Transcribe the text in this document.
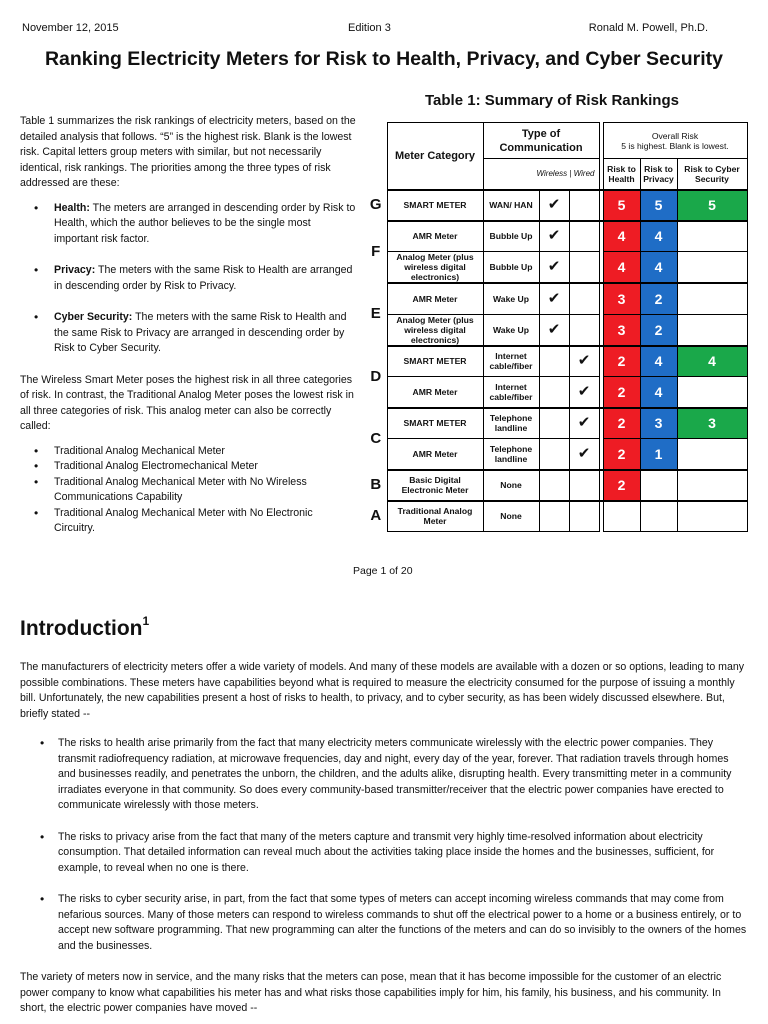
November 12, 2015	Edition 3	Ronald M. Powell, Ph.D.
Ranking Electricity Meters for Risk to Health, Privacy, and Cyber Security

Table 1 summarizes the risk rankings of electricity meters, based on the detailed analysis that follows. “5” is the highest risk. Blank is the lowest risk. Capital letters group meters with similar, but not necessarily identical, risk rankings. The priorities among the three types of risk addressed are these:

• Health: The meters are arranged in descending order by Risk to Health, which the author believes to be the single most important risk factor.
• Privacy: The meters with the same Risk to Health are arranged in descending order by Risk to Privacy.
• Cyber Security: The meters with the same Risk to Health and the same Risk to Privacy are arranged in descending order by Risk to Cyber Security.

The Wireless Smart Meter poses the highest risk in all three categories of risk. In contrast, the Traditional Analog Meter poses the lowest risk in all three categories of risk. This analog meter can also be correctly called:

• Traditional Analog Mechanical Meter
• Traditional Analog Electromechanical Meter
• Traditional Analog Mechanical Meter with No Wireless Communications Capability
• Traditional Analog Mechanical Meter with No Electronic Circuitry.
Table 1: Summary of Risk Rankings
	Meter Category	Type of Communication				Overall Risk
5 is highest. Blank is lowest.		

		Wireless | Wired				Risk to Health	Risk to Privacy	Risk to Cyber Security
G	SMART METER	WAN/ HAN	✔			5	5	5
F	AMR Meter	Bubble Up	✔			4	4	
	Analog Meter (plus wireless digital electronics)	Bubble Up	✔			4	4	
E	AMR Meter	Wake Up	✔			3	2	
	Analog Meter (plus wireless digital electronics)	Wake Up	✔			3	2	
D	SMART METER	Internet cable/fiber		✔		2	4	4
	AMR Meter	Internet cable/fiber		✔		2	4	
C	SMART METER	Telephone landline		✔		2	3	3
	AMR Meter	Telephone landline		✔		2	1	
B	Basic Digital Electronic Meter	None				2		
A	Traditional Analog Meter	None						
Page 1 of 20
Introduction$^1$

The manufacturers of electricity meters offer a wide variety of models. And many of these models are available with a dozen or so options, leading to many possible combinations. These meters have capabilities beyond what is required to measure the electricity consumed for the purpose of issuing a monthly bill. Unfortunately, the new capabilities present a host of risks to health, to privacy, and to cyber security, as has been widely discussed elsewhere. But, briefly stated --

• The risks to health arise primarily from the fact that many electricity meters communicate wirelessly with the electric power companies. They transmit radiofrequency radiation, at microwave frequencies, day and night, every day of the year, forever. That radiation travels through homes and businesses readily, and penetrates the unborn, the children, and the adults alike, disrupting health. Every transmitting meter in a community irradiates everyone in that community. So does every community-based transmitter/receiver that the electric power companies have erected to communicate wirelessly with those meters.
• The risks to privacy arise from the fact that many of the meters capture and transmit very highly time-resolved information about electricity consumption. That detailed information can reveal much about the activities taking place inside the homes and the businesses, sufficient, for example, to reveal when no one is there.
• The risks to cyber security arise, in part, from the fact that some types of meters can accept incoming wireless commands that may come from nefarious sources. Many of those meters can respond to wireless commands to shut off the electrical power to a home or a business entirely, or to accept new software programming. That new programming can alter the functions of the meters and can do so invisibly to the owners of the homes and the businesses.

The variety of meters now in service, and the many risks that the meters can pose, mean that it has become impossible for the customer of an electric power company to know what capabilities his meter has and what risks those capabilities imply for him, his family, his business, and his community. In short, the electric power companies have moved --
